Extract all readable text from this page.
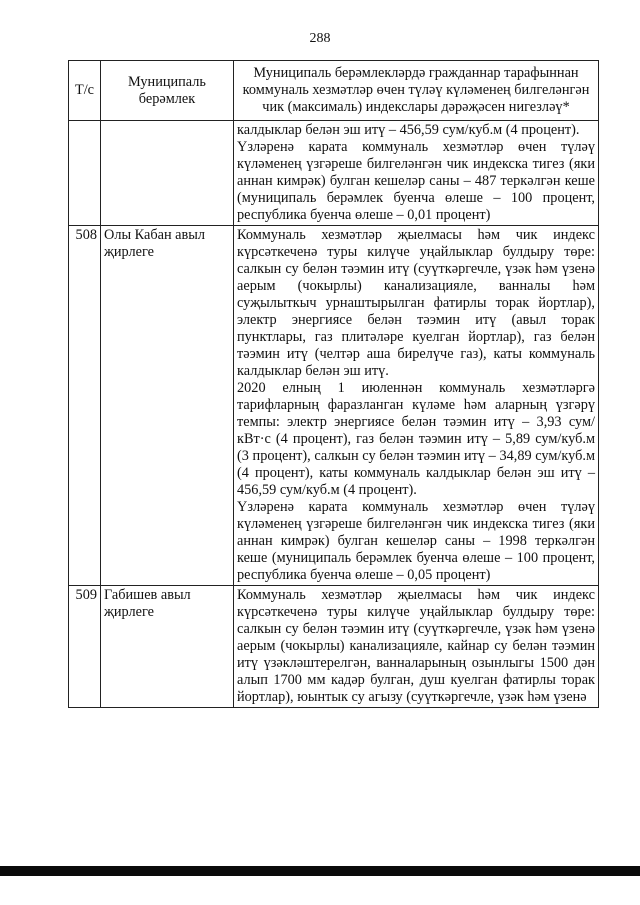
288
Т/с	Муниципаль берәмлек	Муниципаль берәмлекләрдә гражданнар тарафыннан коммуналь хезмәтләр өчен түләү күләменең билгеләнгән чик (максималь) индекслары дәрәҗәсен нигезләү*

		калдыклар белән эш итү – 456,59 сум/куб.м (4 процент).

Үзләренә карата коммуналь хезмәтләр өчен түләү күләменең үзгәреше билгеләнгән чик индекска тигез (яки аннан кимрәк) булган кешеләр саны – 487 теркәлгән кеше (муниципаль берәмлек буенча өлеше – 100 процент, республика буенча өлеше – 0,01 процент)

508	Олы Кабан авыл җирлеге	Коммуналь хезмәтләр җыелмасы һәм чик индекс күрсәткеченә туры килүче уңайлыклар булдыру төре: салкын су белән тәэмин итү (суүткәргечле, үзәк һәм үзенә аерым (чокырлы) канализацияле, ванналы һәм суҗылыткыч урнаштырылган фатирлы торак йортлар), электр энергиясе белән тәэмин итү (авыл торак пунктлары, газ плитәләре куелган йортлар), газ белән тәэмин итү (челтәр аша бирелүче газ), каты коммуналь калдыклар белән эш итү.

2020 елның 1 июленнән коммуналь хезмәтләргә тарифларның фаразланган күләме һәм аларның үзгәрү темпы: электр энергиясе белән тәэмин итү – 3,93 сум/кВт·с (4 процент), газ белән тәэмин итү – 5,89 сум/куб.м (3 процент), салкын су белән тәэмин итү – 34,89 сум/куб.м (4 процент), каты коммуналь калдыклар белән эш итү – 456,59 сум/куб.м (4 процент).

Үзләренә карата коммуналь хезмәтләр өчен түләү күләменең үзгәреше билгеләнгән чик индекска тигез (яки аннан кимрәк) булган кешеләр саны – 1998 теркәлгән кеше (муниципаль берәмлек буенча өлеше – 100 процент, республика буенча өлеше – 0,05 процент)

509	Габишев авыл җирлеге	Коммуналь хезмәтләр җыелмасы һәм чик индекс күрсәткеченә туры килүче уңайлыклар булдыру төре: салкын су белән тәэмин итү (суүткәргечле, үзәк һәм үзенә аерым (чокырлы) канализацияле, кайнар су белән тәэмин итү үзәкләштерелгән, ванналарының озынлыгы 1500 дән алып 1700 мм кадәр булган, душ куелган фатирлы торак йортлар), юынтык су агызу (суүткәргечле, үзәк һәм үзенә
